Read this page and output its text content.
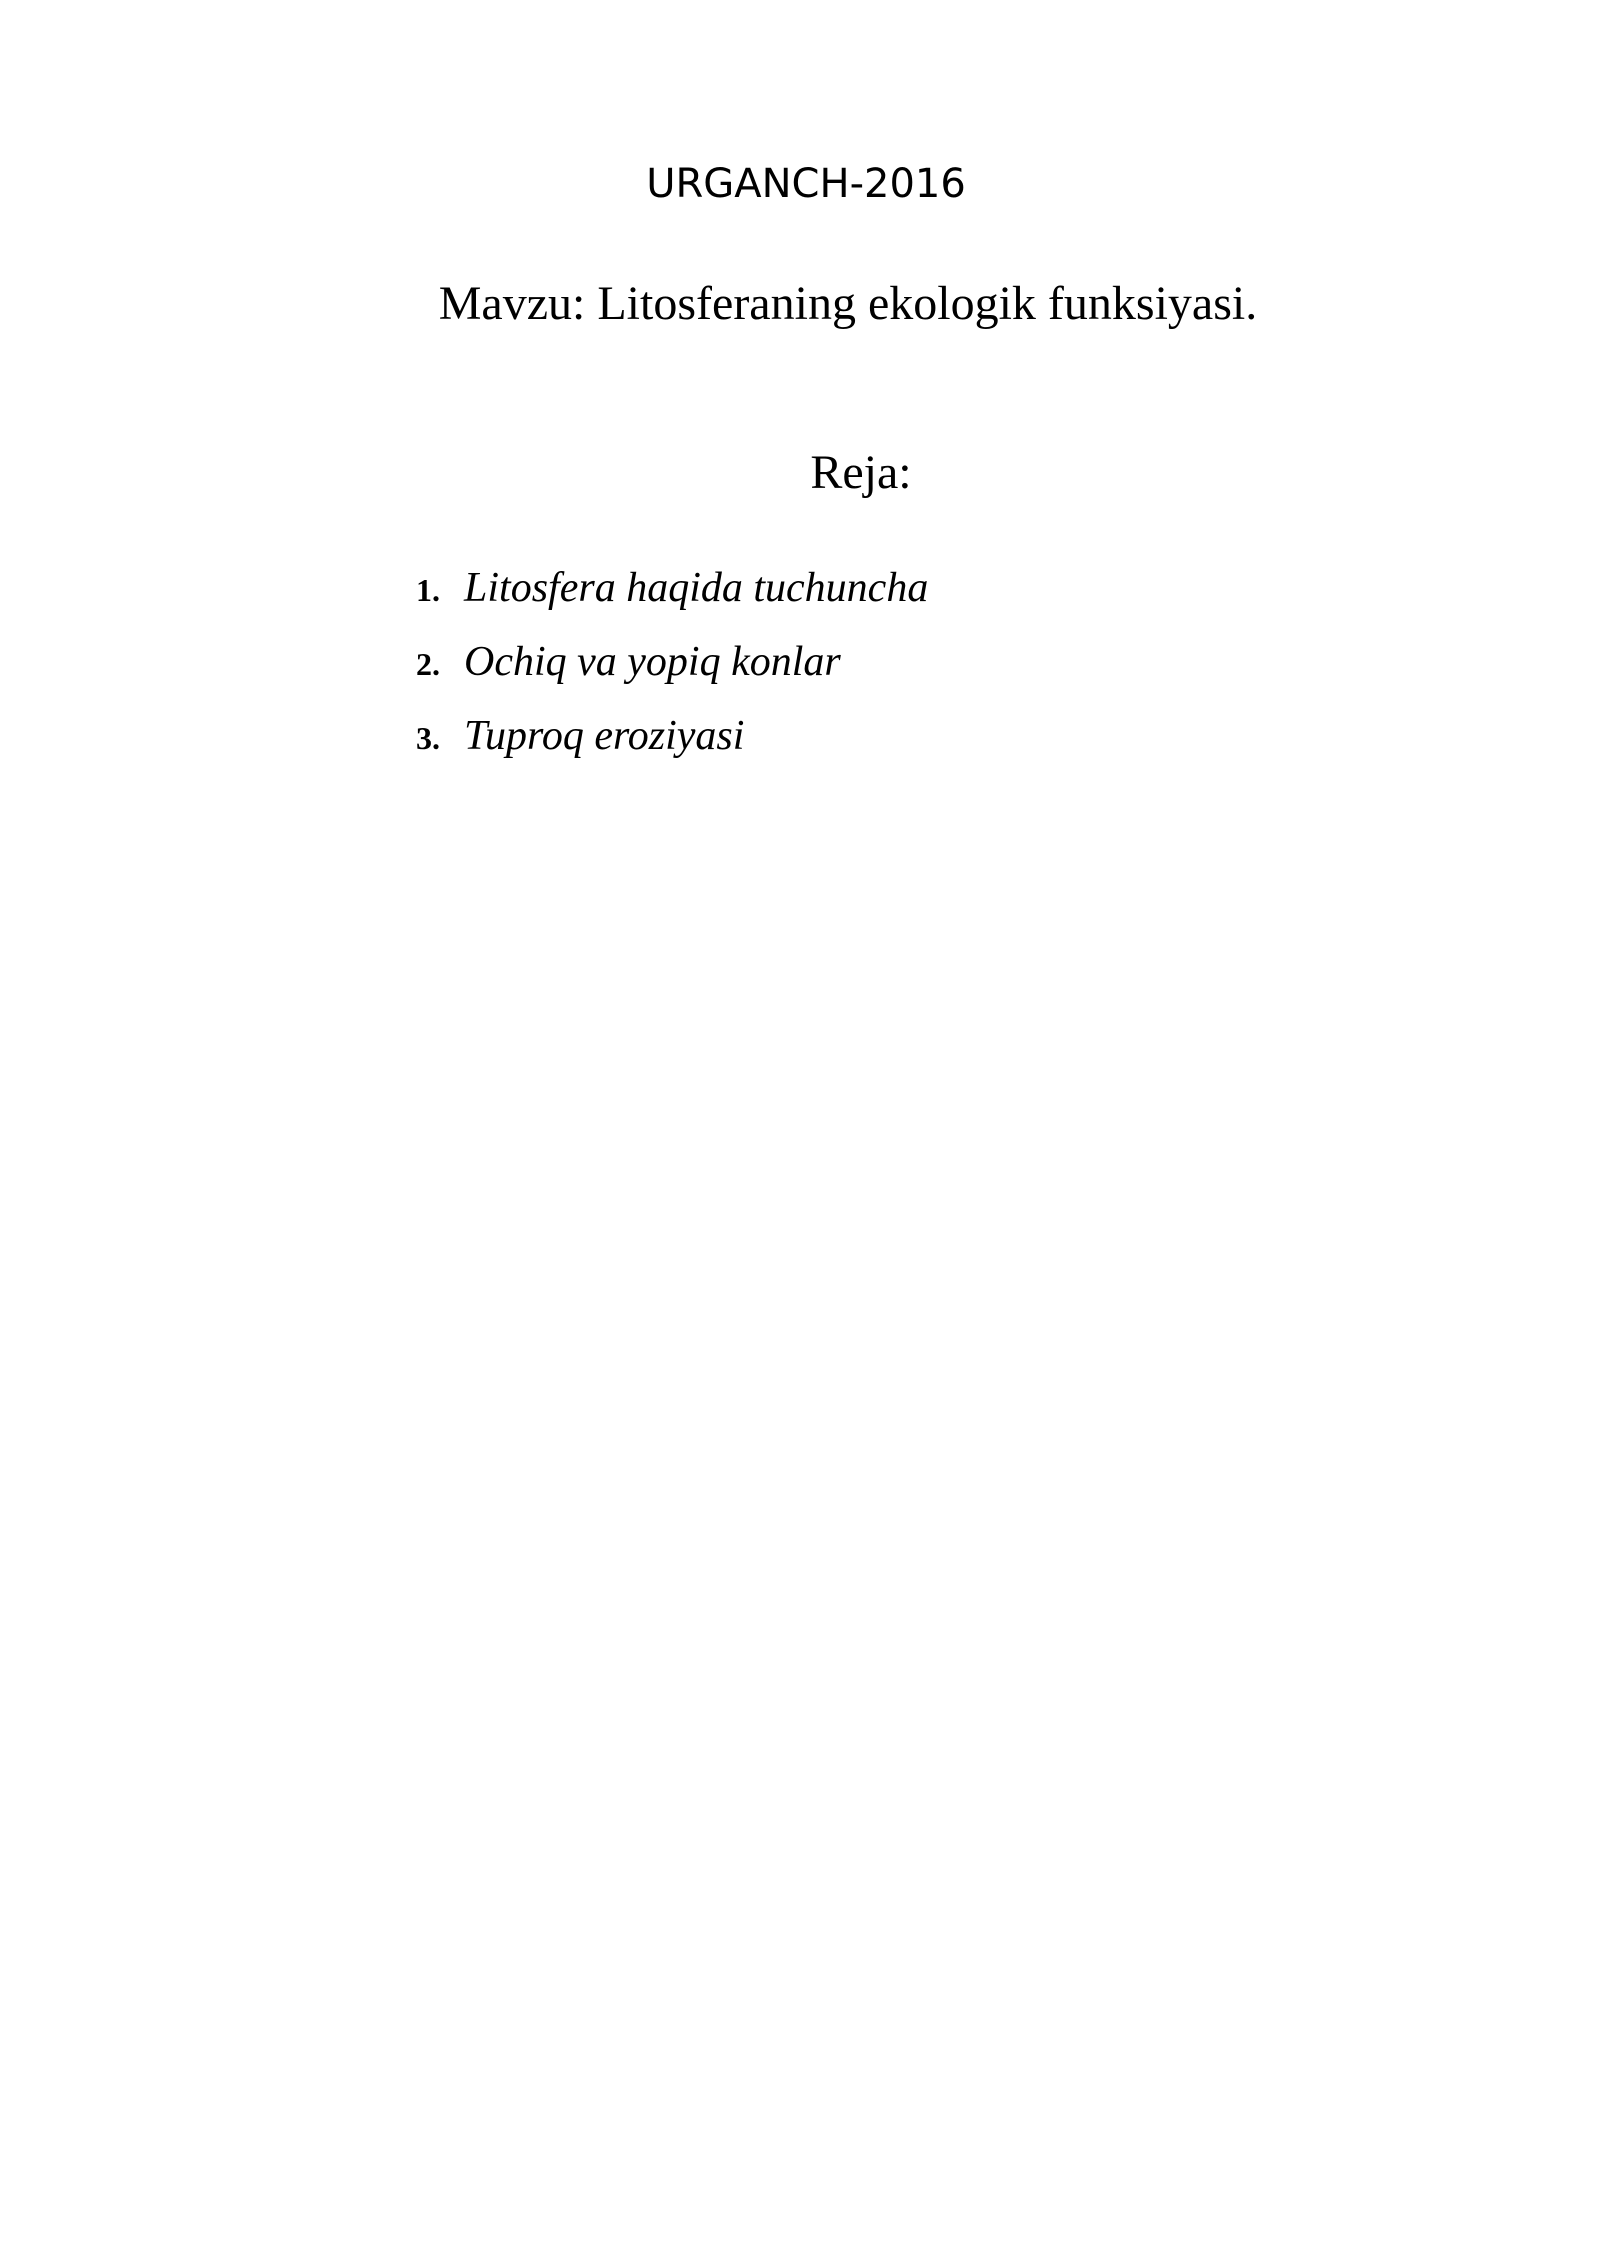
URGANCH-2016
Mavzu: Litosferaning ekologik funksiyasi.
Reja:
1. Litosfera haqida tuchuncha
2. Ochiq va yopiq konlar
3. Tuproq eroziyasi
